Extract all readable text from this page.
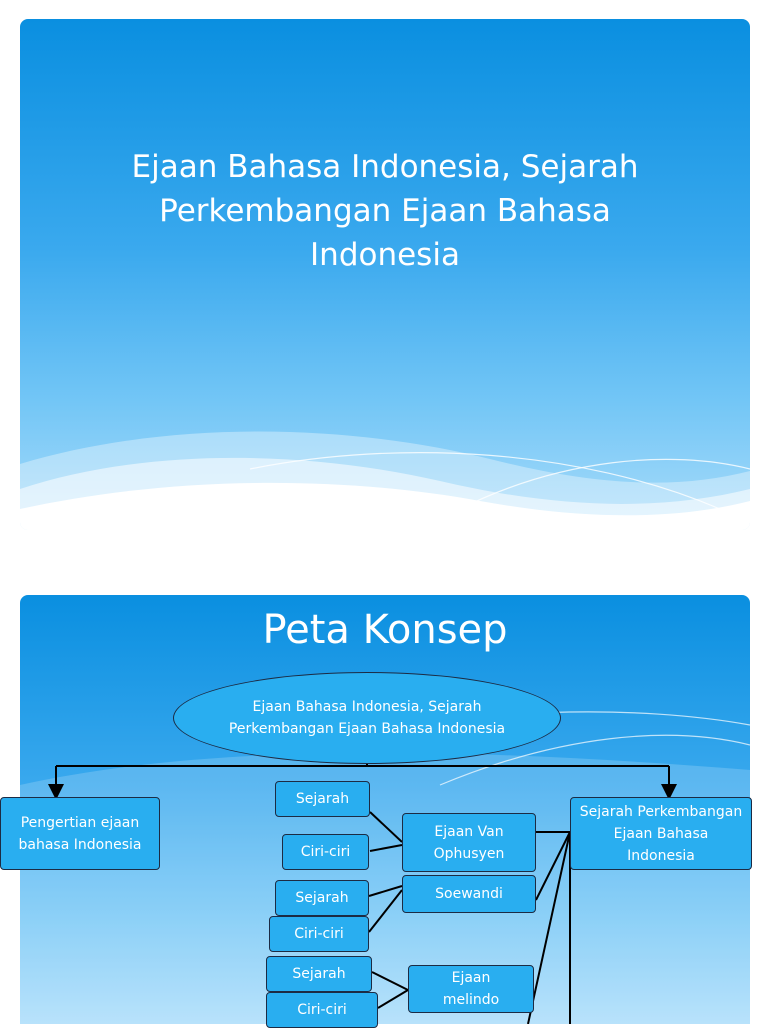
Ejaan Bahasa Indonesia, Sejarah Perkembangan Ejaan Bahasa Indonesia
Peta Konsep
Ejaan Bahasa Indonesia, Sejarah Perkembangan Ejaan Bahasa Indonesia
Pengertian ejaan bahasa Indonesia
Sejarah Perkembangan Ejaan Bahasa Indonesia
Sejarah
Ciri-ciri
Ejaan Van Ophusyen
Sejarah
Ciri-ciri
Soewandi
Sejarah
Ciri-ciri
Ejaan melindo
